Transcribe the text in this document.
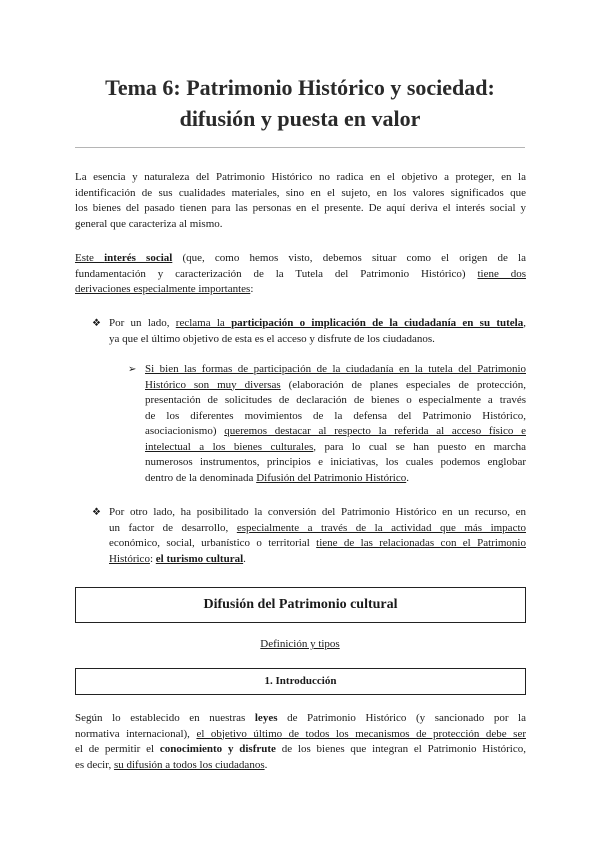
Tema 6: Patrimonio Histórico y sociedad:
difusión y puesta en valor
La esencia y naturaleza del Patrimonio Histórico no radica en el objetivo a proteger, en la
identificación de sus cualidades materiales, sino en el sujeto, en los valores significados que
los bienes del pasado tienen para las personas en el presente. De aquí deriva el interés social y
general que caracteriza al mismo.
Este interés social (que, como hemos visto, debemos situar como el origen de la
fundamentación y caracterización de la Tutela del Patrimonio Histórico) tiene dos
derivaciones especialmente importantes:
❖ Por un lado, reclama la participación o implicación de la ciudadanía en su tutela,
ya que el último objetivo de esta es el acceso y disfrute de los ciudadanos.
➢ Si bien las formas de participación de la ciudadanía en la tutela del Patrimonio
Histórico son muy diversas (elaboración de planes especiales de protección,
presentación de solicitudes de declaración de bienes o especialmente a través
de los diferentes movimientos de la defensa del Patrimonio Histórico,
asociacionismo) queremos destacar al respecto la referida al acceso físico e
intelectual a los bienes culturales, para lo cual se han puesto en marcha
numerosos instrumentos, principios e iniciativas, los cuales podemos englobar
dentro de la denominada Difusión del Patrimonio Histórico.
❖ Por otro lado, ha posibilitado la conversión del Patrimonio Histórico en un recurso, en
un factor de desarrollo, especialmente a través de la actividad que más impacto
económico, social, urbanístico o territorial tiene de las relacionadas con el Patrimonio
Histórico: el turismo cultural.
Difusión del Patrimonio cultural
Definición y tipos
1. Introducción
Según lo establecido en nuestras leyes de Patrimonio Histórico (y sancionado por la
normativa internacional), el objetivo último de todos los mecanismos de protección debe ser
el de permitir el conocimiento y disfrute de los bienes que integran el Patrimonio Histórico,
es decir, su difusión a todos los ciudadanos.
